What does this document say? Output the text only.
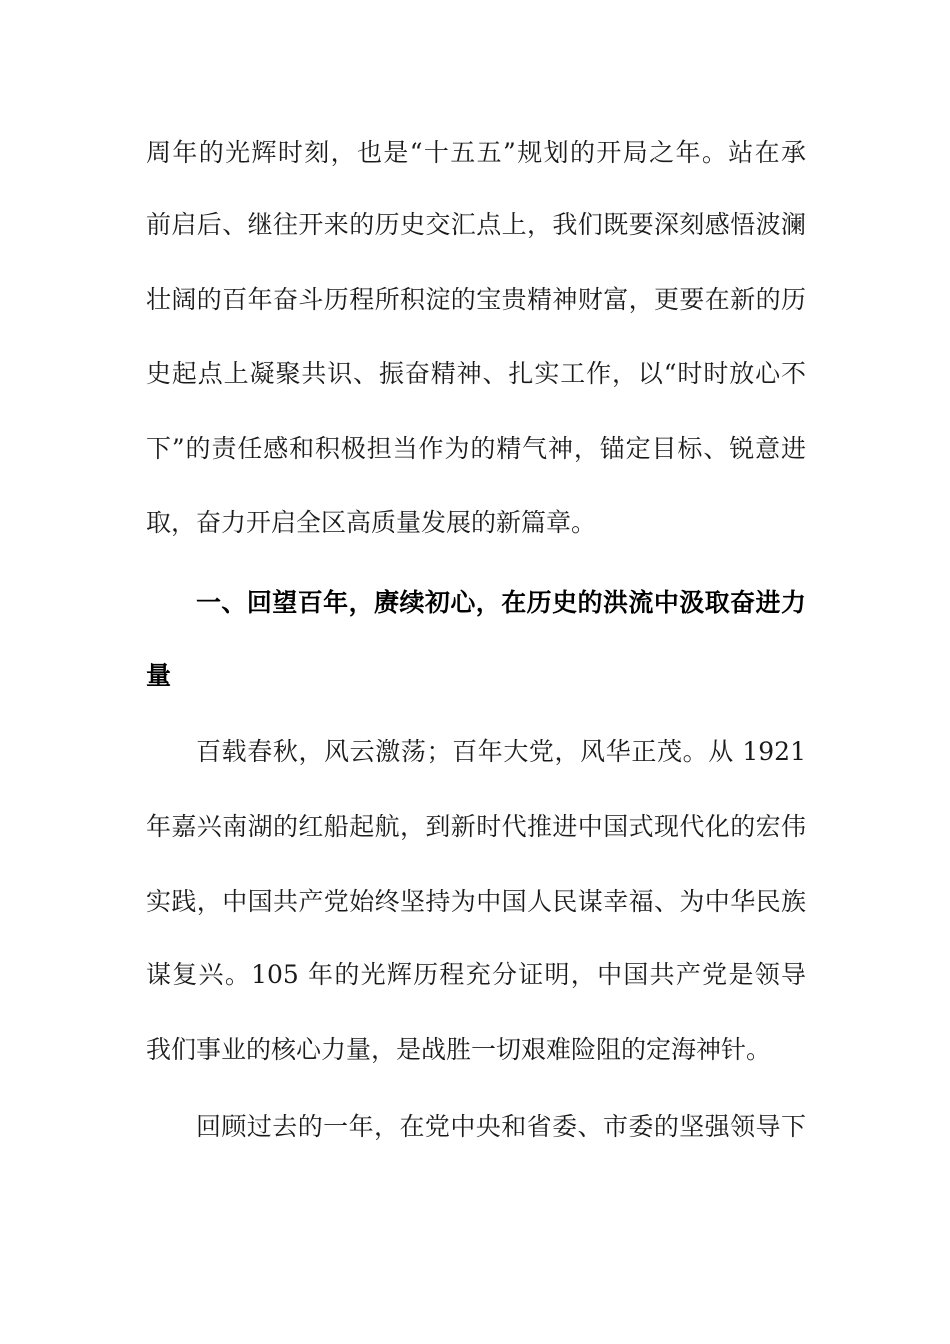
周年的光辉时刻，也是“十五五”规划的开局之年。站在承
前启后、继往开来的历史交汇点上，我们既要深刻感悟波澜
壮阔的百年奋斗历程所积淀的宝贵精神财富，更要在新的历
史起点上凝聚共识、振奋精神、扎实工作，以“时时放心不
下”的责任感和积极担当作为的精气神，锚定目标、锐意进
取，奋力开启全区高质量发展的新篇章。
一、回望百年，赓续初心，在历史的洪流中汲取奋进力
量
百载春秋，风云激荡；百年大党，风华正茂。从 1921
年嘉兴南湖的红船起航，到新时代推进中国式现代化的宏伟
实践，中国共产党始终坚持为中国人民谋幸福、为中华民族
谋复兴。105 年的光辉历程充分证明，中国共产党是领导
我们事业的核心力量，是战胜一切艰难险阻的定海神针。
回顾过去的一年，在党中央和省委、市委的坚强领导下
